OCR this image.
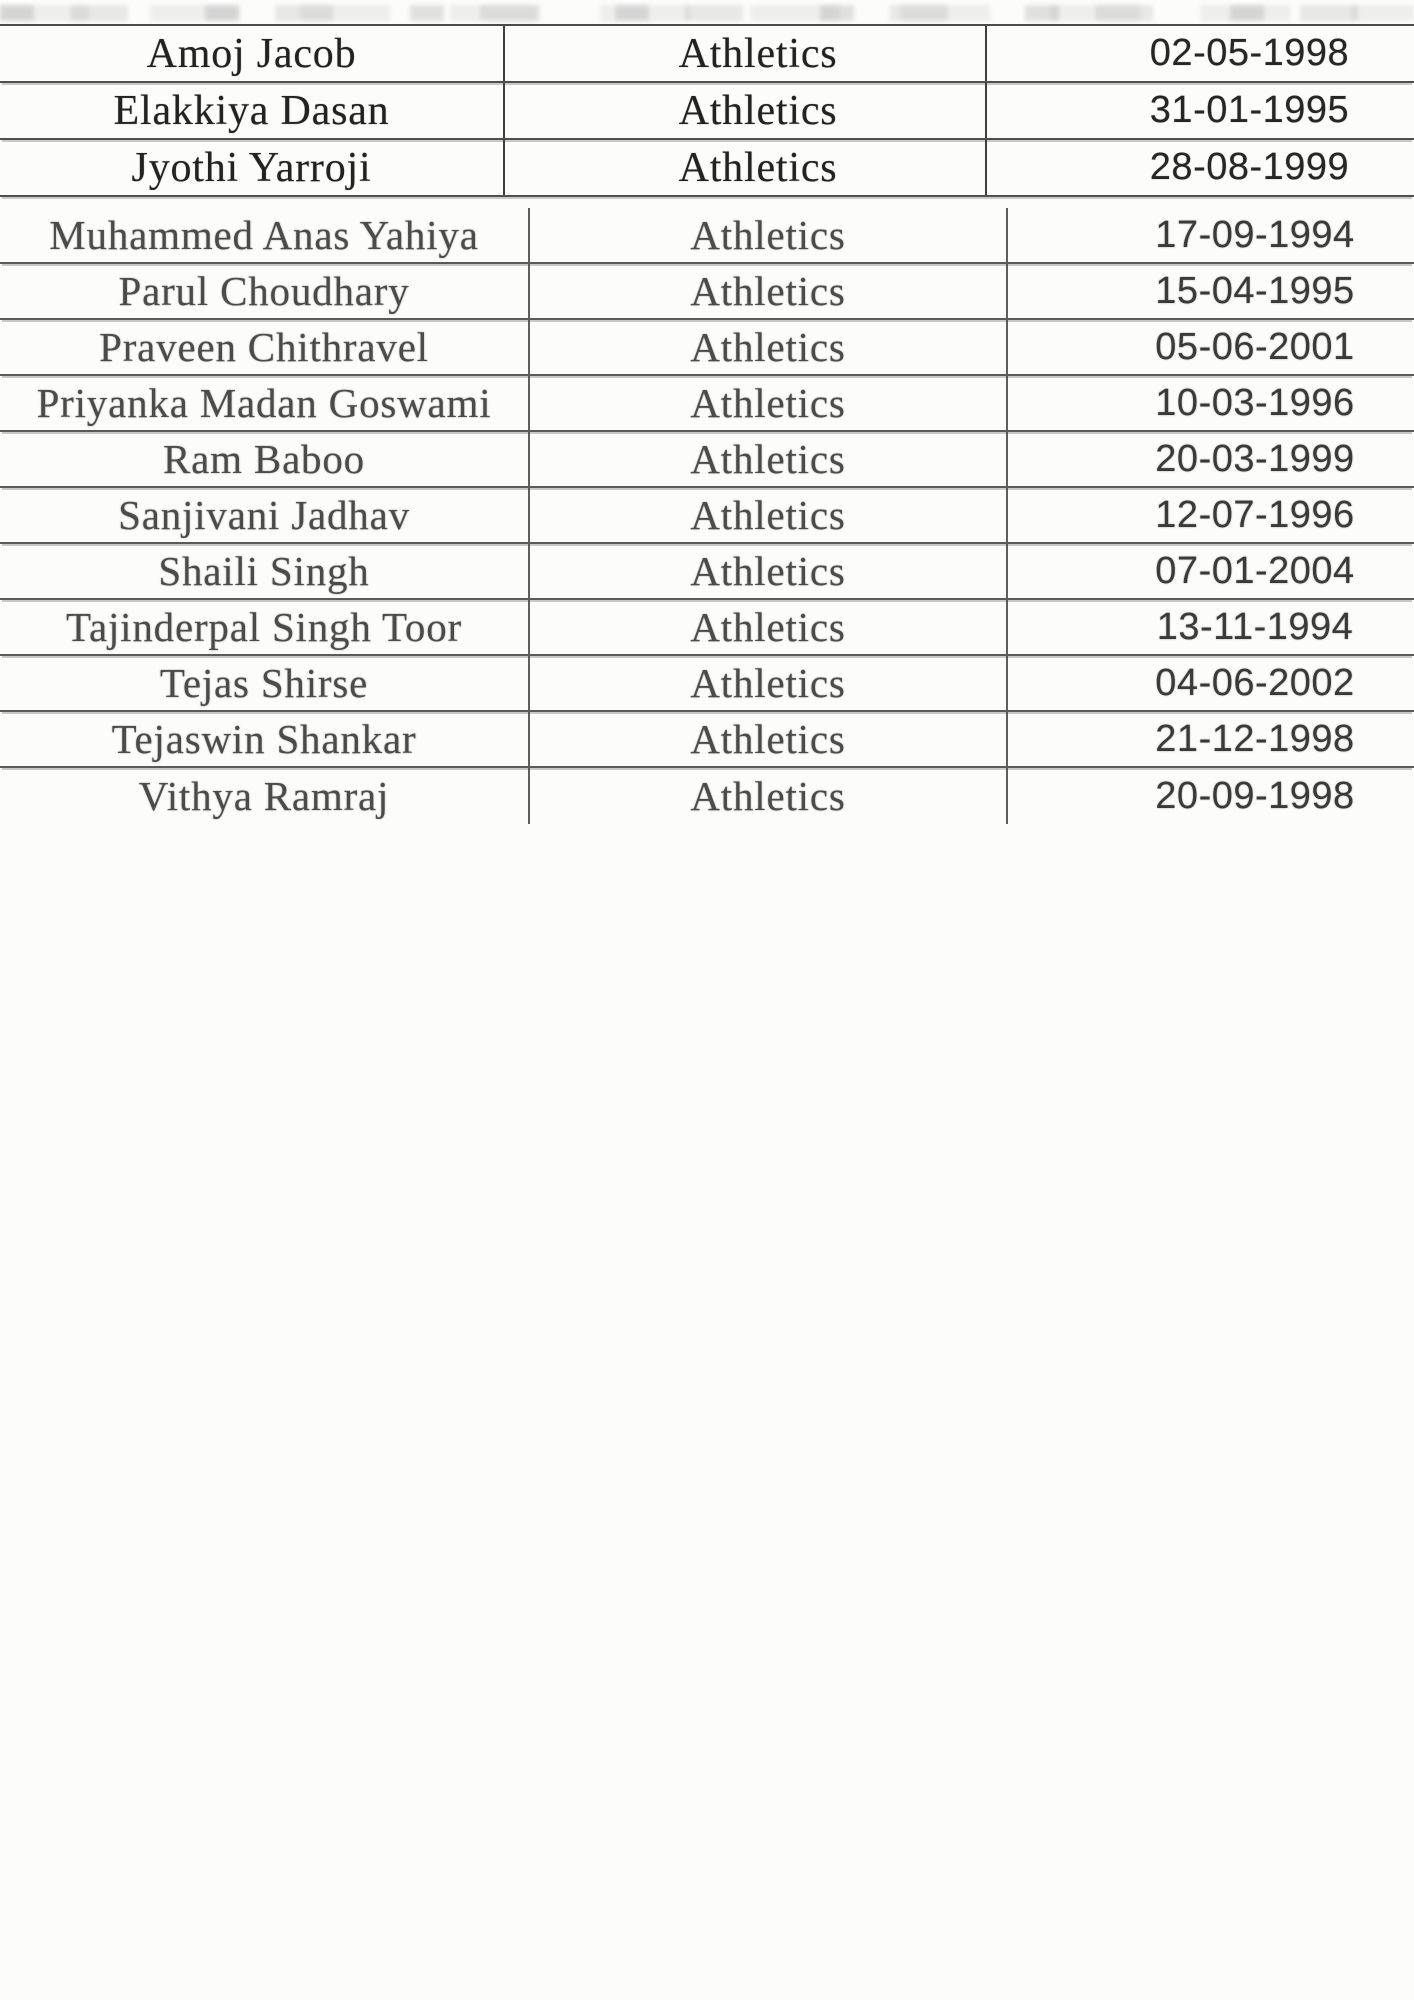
Amoj Jacob	Athletics	02-05-1998
Elakkiya Dasan	Athletics	31-01-1995
Jyothi Yarroji	Athletics	28-08-1999
Muhammed Anas Yahiya	Athletics	17-09-1994
Parul Choudhary	Athletics	15-04-1995
Praveen Chithravel	Athletics	05-06-2001
Priyanka Madan Goswami	Athletics	10-03-1996
Ram Baboo	Athletics	20-03-1999
Sanjivani Jadhav	Athletics	12-07-1996
Shaili Singh	Athletics	07-01-2004
Tajinderpal Singh Toor	Athletics	13-11-1994
Tejas Shirse	Athletics	04-06-2002
Tejaswin Shankar	Athletics	21-12-1998
Vithya Ramraj	Athletics	20-09-1998
